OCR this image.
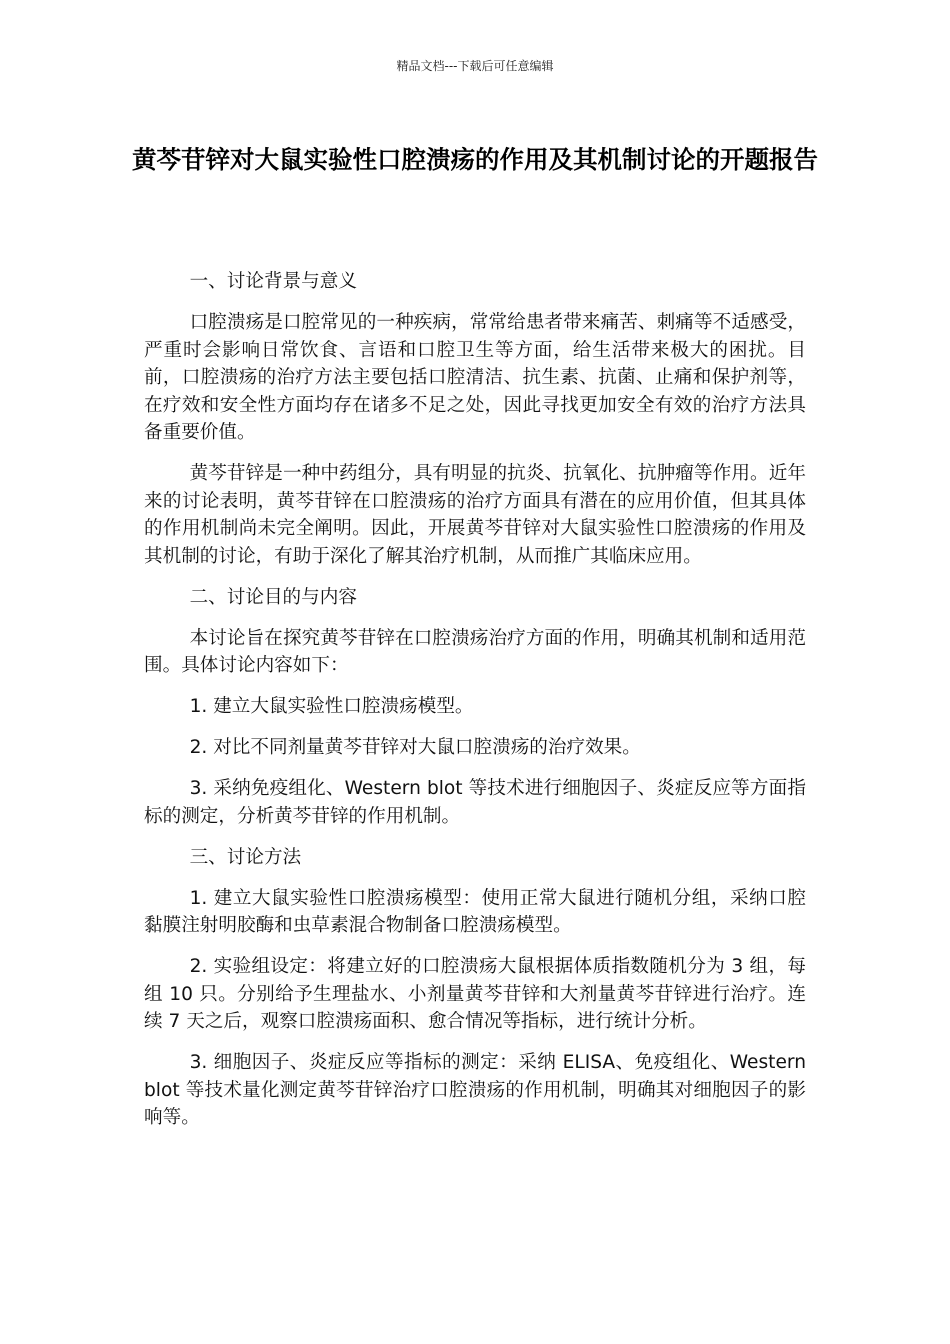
精品文档---下载后可任意编辑
黄芩苷锌对大鼠实验性口腔溃疡的作用及其机制讨论的开题报告

一、讨论背景与意义

口腔溃疡是口腔常见的一种疾病，常常给患者带来痛苦、刺痛等不适感受，严重时会影响日常饮食、言语和口腔卫生等方面，给生活带来极大的困扰。目前，口腔溃疡的治疗方法主要包括口腔清洁、抗生素、抗菌、止痛和保护剂等，在疗效和安全性方面均存在诸多不足之处，因此寻找更加安全有效的治疗方法具备重要价值。

黄芩苷锌是一种中药组分，具有明显的抗炎、抗氧化、抗肿瘤等作用。近年来的讨论表明，黄芩苷锌在口腔溃疡的治疗方面具有潜在的应用价值，但其具体的作用机制尚未完全阐明。因此，开展黄芩苷锌对大鼠实验性口腔溃疡的作用及其机制的讨论，有助于深化了解其治疗机制，从而推广其临床应用。

二、讨论目的与内容

本讨论旨在探究黄芩苷锌在口腔溃疡治疗方面的作用，明确其机制和适用范围。具体讨论内容如下：

1. 建立大鼠实验性口腔溃疡模型。

2. 对比不同剂量黄芩苷锌对大鼠口腔溃疡的治疗效果。

3. 采纳免疫组化、Western blot 等技术进行细胞因子、炎症反应等方面指标的测定，分析黄芩苷锌的作用机制。

三、讨论方法

1. 建立大鼠实验性口腔溃疡模型：使用正常大鼠进行随机分组，采纳口腔黏膜注射明胶酶和虫草素混合物制备口腔溃疡模型。

2. 实验组设定：将建立好的口腔溃疡大鼠根据体质指数随机分为 3 组，每组 10 只。分别给予生理盐水、小剂量黄芩苷锌和大剂量黄芩苷锌进行治疗。连续 7 天之后，观察口腔溃疡面积、愈合情况等指标，进行统计分析。

3. 细胞因子、炎症反应等指标的测定：采纳 ELISA、免疫组化、Western blot 等技术量化测定黄芩苷锌治疗口腔溃疡的作用机制，明确其对细胞因子的影响等。
